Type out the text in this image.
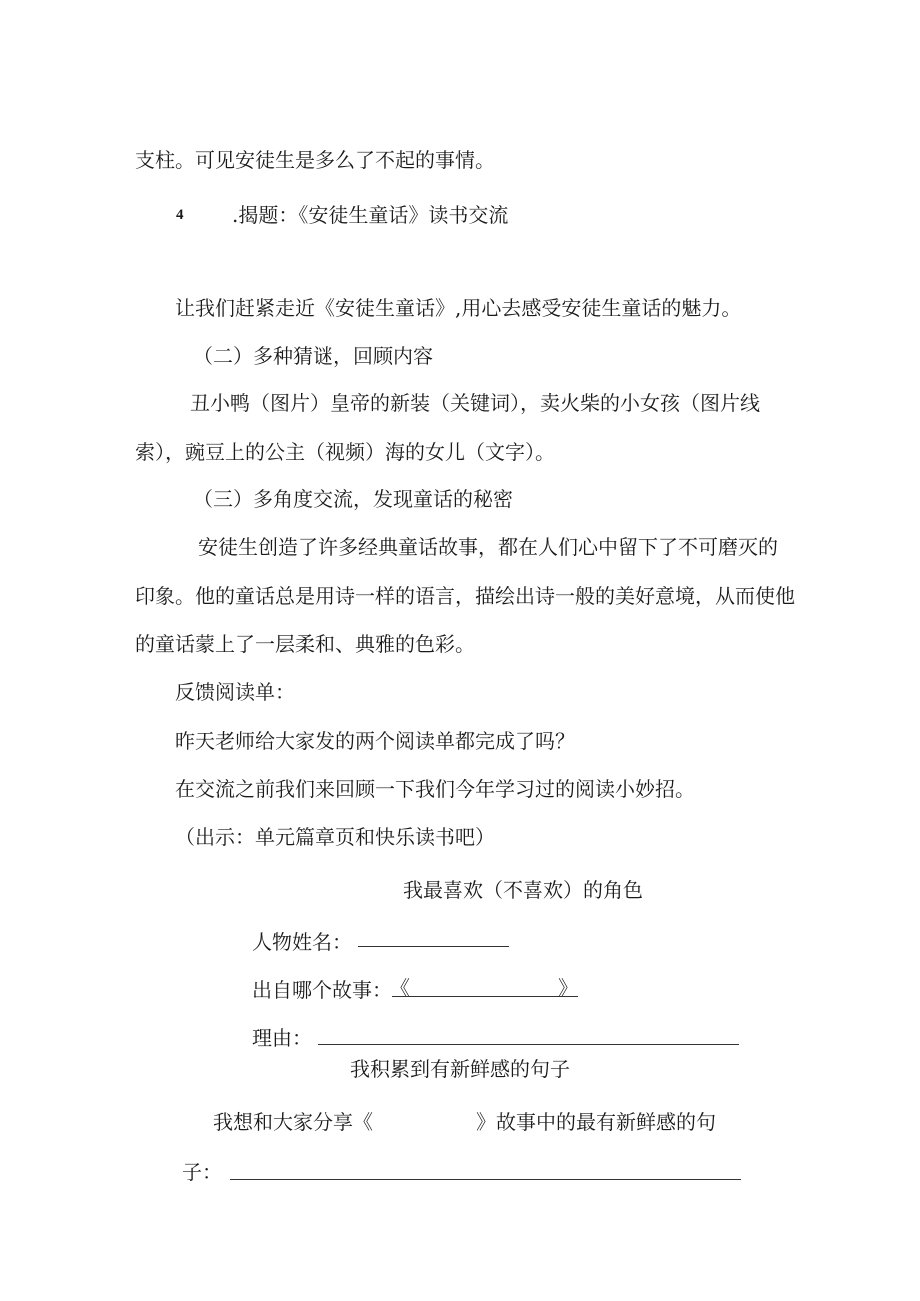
支柱。可见安徒生是多么了不起的事情。
4 .揭题：《安徒生童话》读书交流
让我们赶紧走近《安徒生童话》,用心去感受安徒生童话的魅力。
（二）多种猜谜，回顾内容
丑小鸭（图片）皇帝的新装（关键词），卖火柴的小女孩（图片线
索），豌豆上的公主（视频）海的女儿（文字）。
（三）多角度交流，发现童话的秘密
安徒生创造了许多经典童话故事，都在人们心中留下了不可磨灭的
印象。他的童话总是用诗一样的语言，描绘出诗一般的美好意境，从而使他
的童话蒙上了一层柔和、典雅的色彩。
反馈阅读单：
昨天老师给大家发的两个阅读单都完成了吗？
在交流之前我们来回顾一下我们今年学习过的阅读小妙招。
（出示：单元篇章页和快乐读书吧）
我最喜欢（不喜欢）的角色
人物姓名：
出自哪个故事：
《	》
理由：
我积累到有新鲜感的句子
我想和大家分享《	》故事中的最有新鲜感的句
子：
